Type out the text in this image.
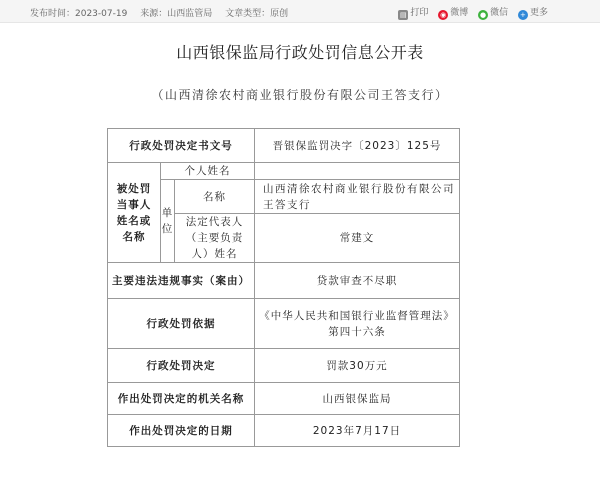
发布时间：2023-07-19 来源：山西监管局 文章类型：原创	▤ 打印 ◉ 微博 ● 微信 + 更多
山西银保监局行政处罚信息公开表
（山西清徐农村商业银行股份有限公司王答支行）
行政处罚决定书文号			晋银保监罚决字〔2023〕125号
被处罚当事人姓名或名称	个人姓名		
	单位	名称	山西清徐农村商业银行股份有限公司王答支行
		法定代表人（主要负责人）姓名	常建文

主要违法违规事实（案由）			贷款审查不尽职
行政处罚依据			《中华人民共和国银行业监督管理法》第四十六条
行政处罚决定			罚款30万元
作出处罚决定的机关名称			山西银保监局
作出处罚决定的日期			2023年7月17日
